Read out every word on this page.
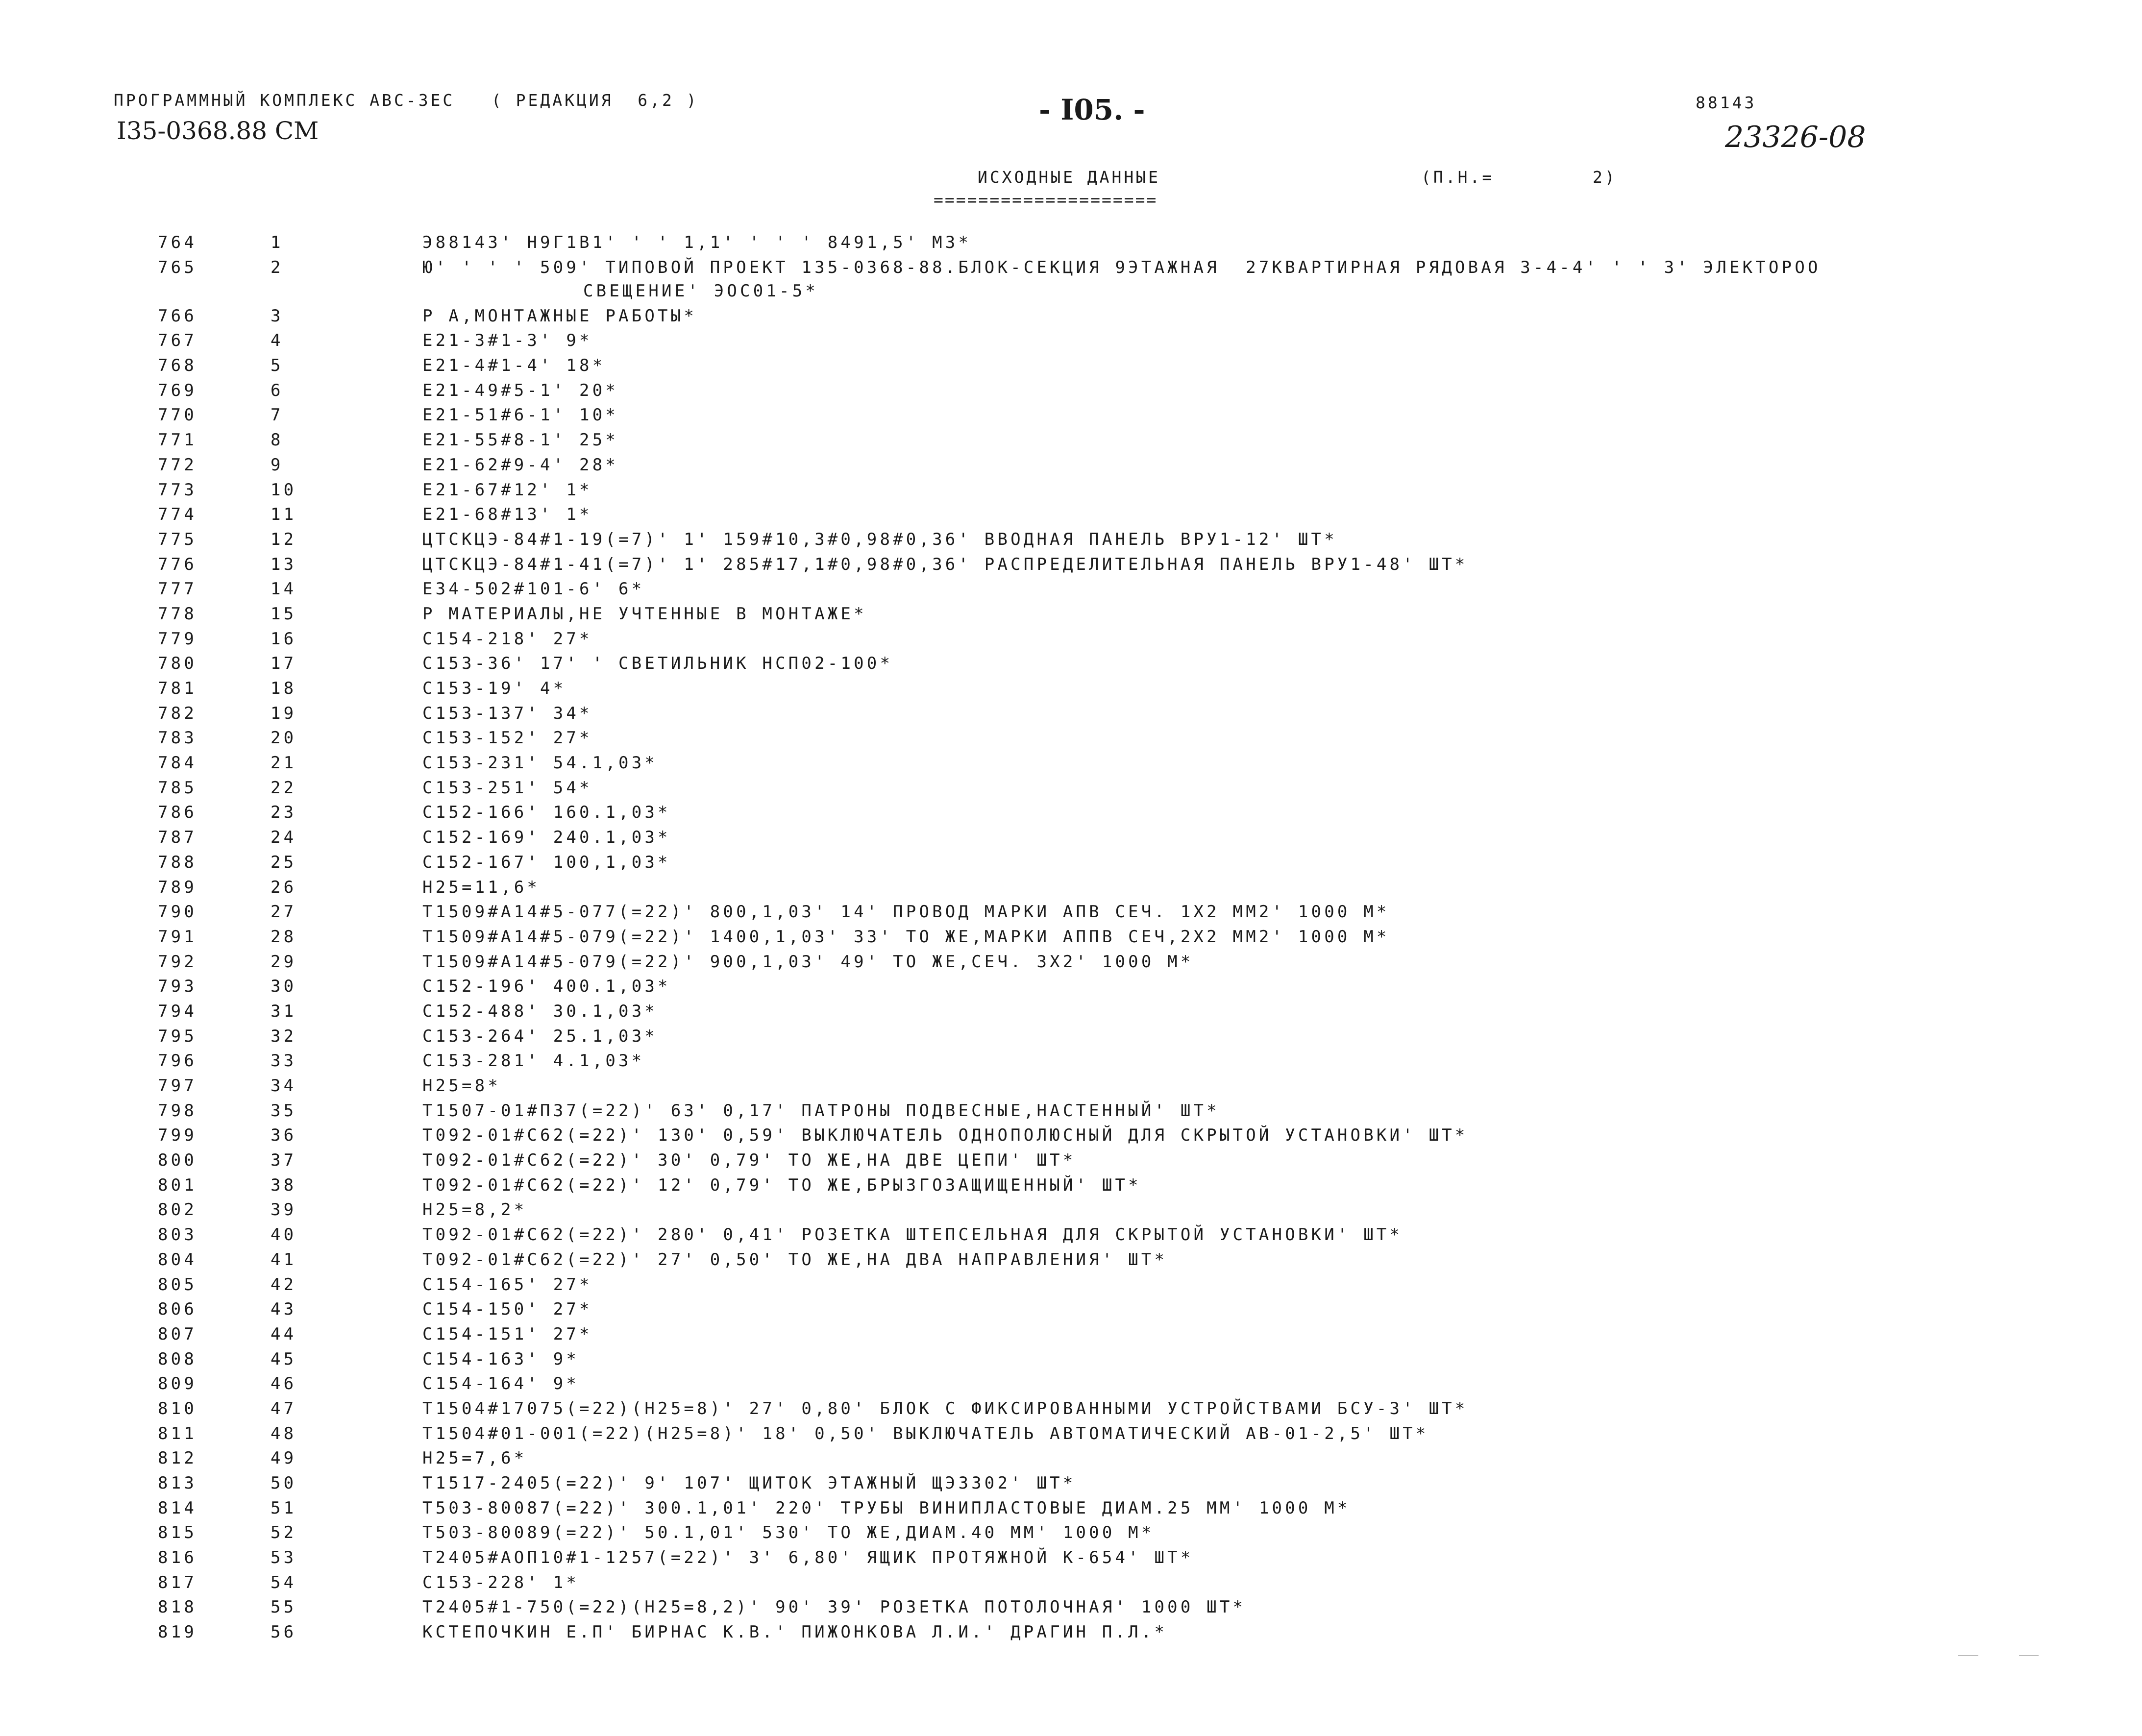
ПРОГРАММНЫЙ КОМПЛЕКС АВС-3ЕС   ( РЕДАКЦИЯ  6,2 )
I35-0368.88 СМ
- I05. -	88143
23326-08
ИСХОДНЫЕ ДАННЫЕ
====================
(П.Н.=	2)
764	1	Э88143' Н9Г1В1' ' ' 1,1' ' ' ' 8491,5' М3*
765	2	Ю' ' ' ' 509' ТИПОВОЙ ПРОЕКТ 135-0368-88.БЛОК-СЕКЦИЯ 9ЭТАЖНАЯ  27КВАРТИРНАЯ РЯДОВАЯ 3-4-4' ' ' 3' ЭЛЕКТОРОО
СВЕЩЕНИЕ' ЭОС01-5*
766	3	Р А,МОНТАЖНЫЕ РАБОТЫ*
767	4	Е21-3#1-3' 9*
768	5	Е21-4#1-4' 18*
769	6	Е21-49#5-1' 20*
770	7	Е21-51#6-1' 10*
771	8	Е21-55#8-1' 25*
772	9	Е21-62#9-4' 28*
773	10	Е21-67#12' 1*
774	11	Е21-68#13' 1*
775	12	ЦТСКЦЭ-84#1-19(=7)' 1' 159#10,3#0,98#0,36' ВВОДНАЯ ПАНЕЛЬ ВРУ1-12' ШТ*
776	13	ЦТСКЦЭ-84#1-41(=7)' 1' 285#17,1#0,98#0,36' РАСПРЕДЕЛИТЕЛЬНАЯ ПАНЕЛЬ ВРУ1-48' ШТ*
777	14	Е34-502#101-6' 6*
778	15	Р МАТЕРИАЛЫ,НЕ УЧТЕННЫЕ В МОНТАЖЕ*
779	16	С154-218' 27*
780	17	С153-36' 17' ' СВЕТИЛЬНИК НСП02-100*
781	18	С153-19' 4*
782	19	С153-137' 34*
783	20	С153-152' 27*
784	21	С153-231' 54.1,03*
785	22	С153-251' 54*
786	23	С152-166' 160.1,03*
787	24	С152-169' 240.1,03*
788	25	С152-167' 100,1,03*
789	26	Н25=11,6*
790	27	Т1509#А14#5-077(=22)' 800,1,03' 14' ПРОВОД МАРКИ АПВ СЕЧ. 1Х2 ММ2' 1000 М*
791	28	Т1509#А14#5-079(=22)' 1400,1,03' 33' ТО ЖЕ,МАРКИ АППВ СЕЧ,2Х2 ММ2' 1000 М*
792	29	Т1509#А14#5-079(=22)' 900,1,03' 49' ТО ЖЕ,СЕЧ. 3Х2' 1000 М*
793	30	С152-196' 400.1,03*
794	31	С152-488' 30.1,03*
795	32	С153-264' 25.1,03*
796	33	С153-281' 4.1,03*
797	34	Н25=8*
798	35	Т1507-01#П37(=22)' 63' 0,17' ПАТРОНЫ ПОДВЕСНЫЕ,НАСТЕННЫЙ' ШТ*
799	36	Т092-01#С62(=22)' 130' 0,59' ВЫКЛЮЧАТЕЛЬ ОДНОПОЛЮСНЫЙ ДЛЯ СКРЫТОЙ УСТАНОВКИ' ШТ*
800	37	Т092-01#С62(=22)' 30' 0,79' ТО ЖЕ,НА ДВЕ ЦЕПИ' ШТ*
801	38	Т092-01#С62(=22)' 12' 0,79' ТО ЖЕ,БРЫЗГОЗАЩИЩЕННЫЙ' ШТ*
802	39	Н25=8,2*
803	40	Т092-01#С62(=22)' 280' 0,41' РОЗЕТКА ШТЕПСЕЛЬНАЯ ДЛЯ СКРЫТОЙ УСТАНОВКИ' ШТ*
804	41	Т092-01#С62(=22)' 27' 0,50' ТО ЖЕ,НА ДВА НАПРАВЛЕНИЯ' ШТ*
805	42	С154-165' 27*
806	43	С154-150' 27*
807	44	С154-151' 27*
808	45	С154-163' 9*
809	46	С154-164' 9*
810	47	Т1504#17075(=22)(Н25=8)' 27' 0,80' БЛОК С ФИКСИРОВАННЫМИ УСТРОЙСТВАМИ БСУ-3' ШТ*
811	48	Т1504#01-001(=22)(Н25=8)' 18' 0,50' ВЫКЛЮЧАТЕЛЬ АВТОМАТИЧЕСКИЙ АВ-01-2,5' ШТ*
812	49	Н25=7,6*
813	50	Т1517-2405(=22)' 9' 107' ЩИТОК ЭТАЖНЫЙ ЩЭ3302' ШТ*
814	51	Т503-80087(=22)' 300.1,01' 220' ТРУБЫ ВИНИПЛАСТОВЫЕ ДИАМ.25 ММ' 1000 М*
815	52	Т503-80089(=22)' 50.1,01' 530' ТО ЖЕ,ДИАМ.40 ММ' 1000 М*
816	53	Т2405#АОП10#1-1257(=22)' 3' 6,80' ЯЩИК ПРОТЯЖНОЙ К-654' ШТ*
817	54	С153-228' 1*
818	55	Т2405#1-750(=22)(Н25=8,2)' 90' 39' РОЗЕТКА ПОТОЛОЧНАЯ' 1000 ШТ*
819	56	КСТЕПОЧКИН Е.П' БИРНАС К.В.' ПИЖОНКОВА Л.И.' ДРАГИН П.Л.*
